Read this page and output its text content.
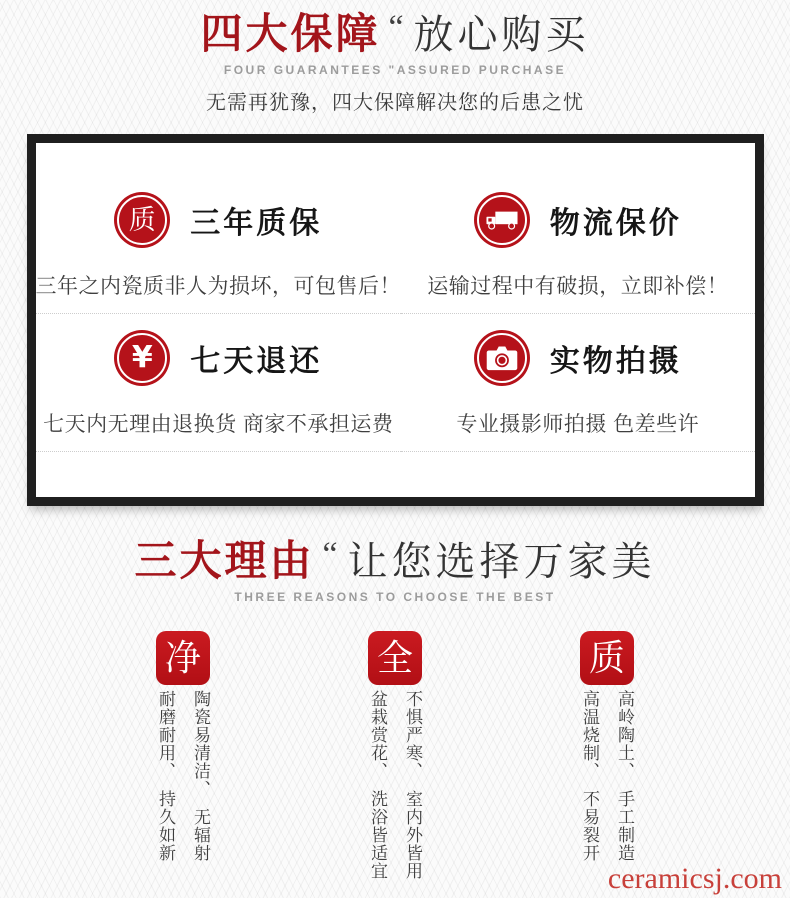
四大保障 “ 放心购买
FOUR GUARANTEES "ASSURED PURCHASE
无需再犹豫，四大保障解决您的后患之忧
质 三年质保
三年之内瓷质非人为损坏，可包售后！
物流保价
运输过程中有破损，立即补偿！
¥ 七天退还
七天内无理由退换货 商家不承担运费
实物拍摄
专业摄影师拍摄 色差些许
三大理由 “ 让您选择万家美
THREE REASONS TO CHOOSE THE BEST
净
陶瓷易清洁、无辐射
耐磨耐用、持久如新
全
不惧严寒、室内外皆用
盆栽赏花、洗浴皆适宜
质
高岭陶土、手工制造
高温烧制、不易裂开
ceramicsj.com
